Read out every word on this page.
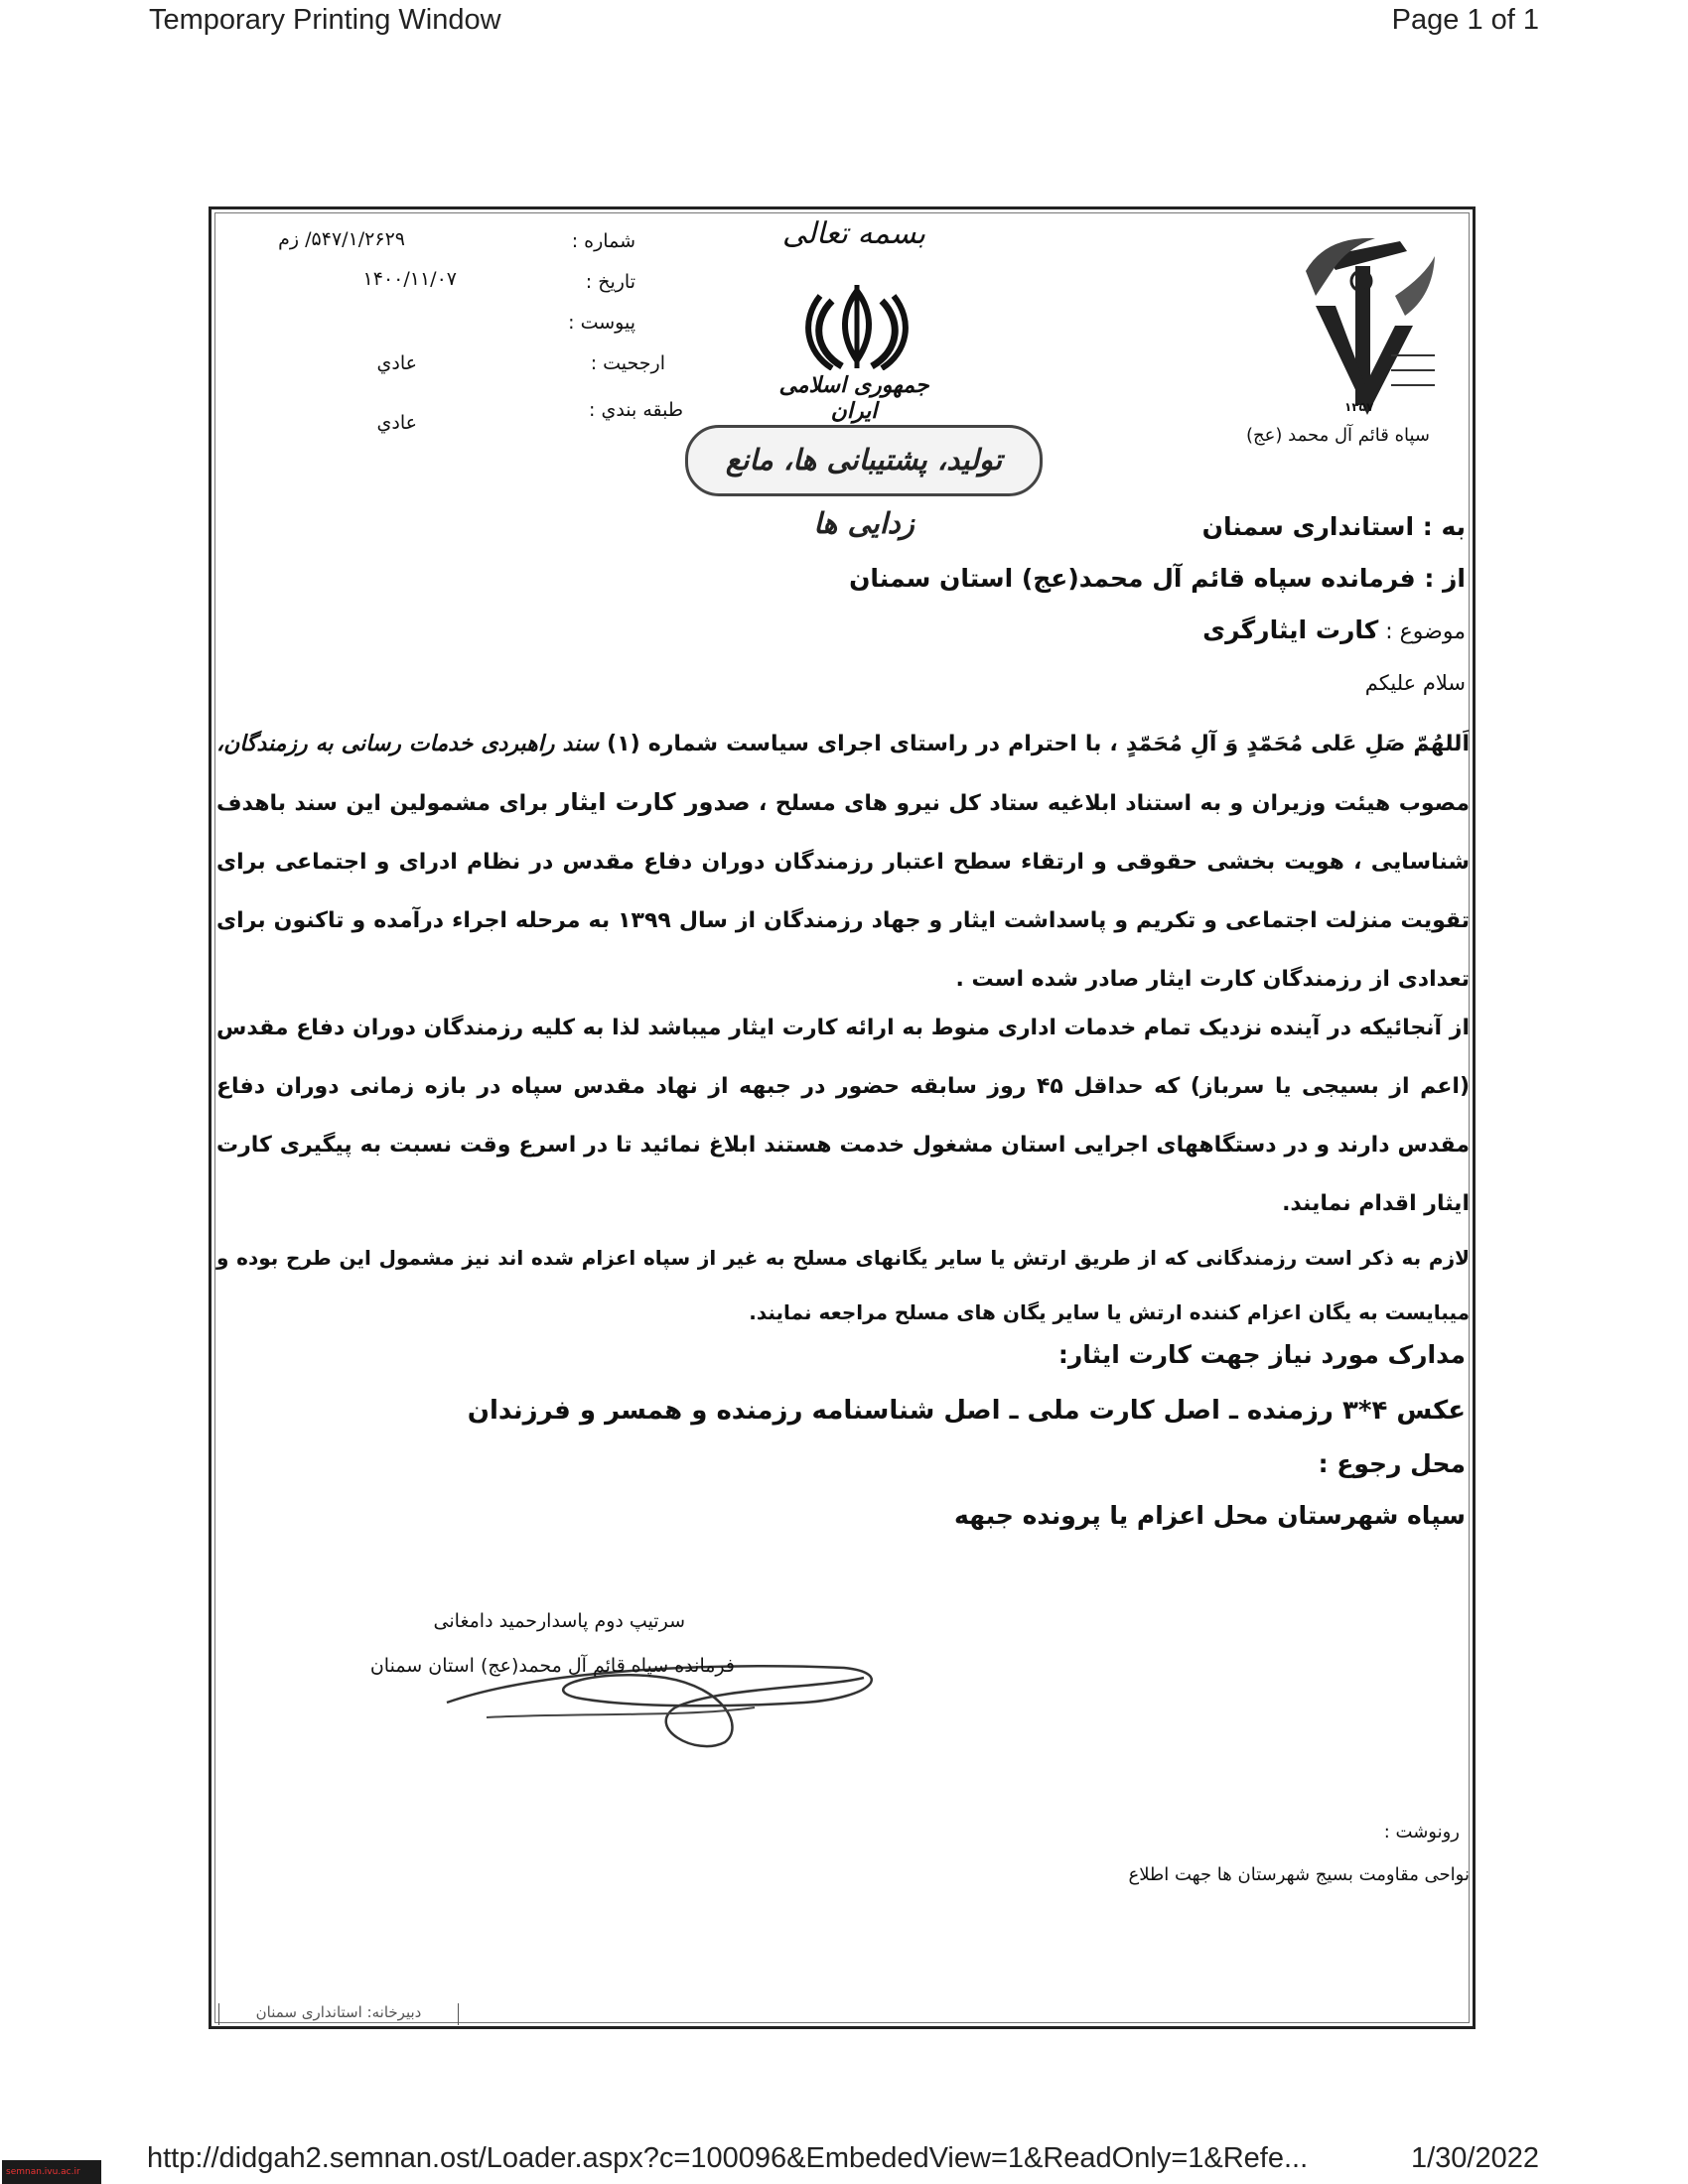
Temporary Printing Window	Page 1 of 1
http://didgah2.semnan.ost/Loader.aspx?c=100096&EmbededView=1&ReadOnly=1&Refe...	1/30/2022
semnan.ivu.ac.ir
۱۳۵۷
سپاه قائم آل محمد (عج)
بسمه تعالی
جمهوری اسلامی ایران
تولید، پشتیبانی ها، مانع زدایی ها
شماره :
۵۴۷/۱/۲۶۲۹/ زم
تاريخ :
۱۴۰۰/۱۱/۰۷
پيوست :
ارجحيت :
عادي
طبقه بندي :
عادي
به : استانداری سمنان
از : فرمانده سپاه قائم آل محمد(عج) استان سمنان
موضوع : کارت ایثارگری
سلام علیکم
اَللهُمّ صَلِ عَلی مُحَمّدٍ وَ آلِ مُحَمّدٍ ، با احترام در راستای اجرای سیاست شماره (۱) سند راهبردی خدمات رسانی به رزمندگان، مصوب هیئت وزیران و به استناد ابلاغیه ستاد کل نیرو های مسلح ، صدور کارت ایثار برای مشمولین این سند باهدف شناسایی ، هویت بخشی حقوقی و ارتقاء سطح اعتبار رزمندگان دوران دفاع مقدس در نظام ادرای و اجتماعی برای تقویت منزلت اجتماعی و تکریم و پاسداشت ایثار و جهاد رزمندگان از سال ۱۳۹۹ به مرحله اجراء درآمده و تاکنون برای تعدادی از رزمندگان کارت ایثار صادر شده است .
از آنجائیکه در آینده نزدیک تمام خدمات اداری منوط به ارائه کارت ایثار میباشد لذا به کلیه رزمندگان دوران دفاع مقدس (اعم از بسیجی یا سرباز) که حداقل ۴۵ روز سابقه حضور در جبهه از نهاد مقدس سپاه در بازه زمانی دوران دفاع مقدس دارند و در دستگاههای اجرایی استان مشغول خدمت هستند ابلاغ نمائید تا در اسرع وقت نسبت به پیگیری کارت ایثار اقدام نمایند.
لازم به ذکر است رزمندگانی که از طریق ارتش یا سایر یگانهای مسلح به غیر از سپاه اعزام شده اند نیز مشمول این طرح بوده و میبایست به یگان اعزام کننده ارتش یا سایر یگان های مسلح مراجعه نمایند.
مدارک مورد نیاز جهت کارت ایثار:
عکس ۴*۳ رزمنده ـ اصل کارت ملی ـ اصل شناسنامه رزمنده و همسر و فرزندان
محل رجوع :
سپاه شهرستان محل اعزام یا پرونده جبهه
سرتیپ دوم پاسدارحمید دامغانی
فرمانده سپاه قائم آل محمد(عج) استان سمنان
رونوشت :
نواحی مقاومت بسیج شهرستان ها جهت اطلاع
دبیرخانه: استانداری سمنان
